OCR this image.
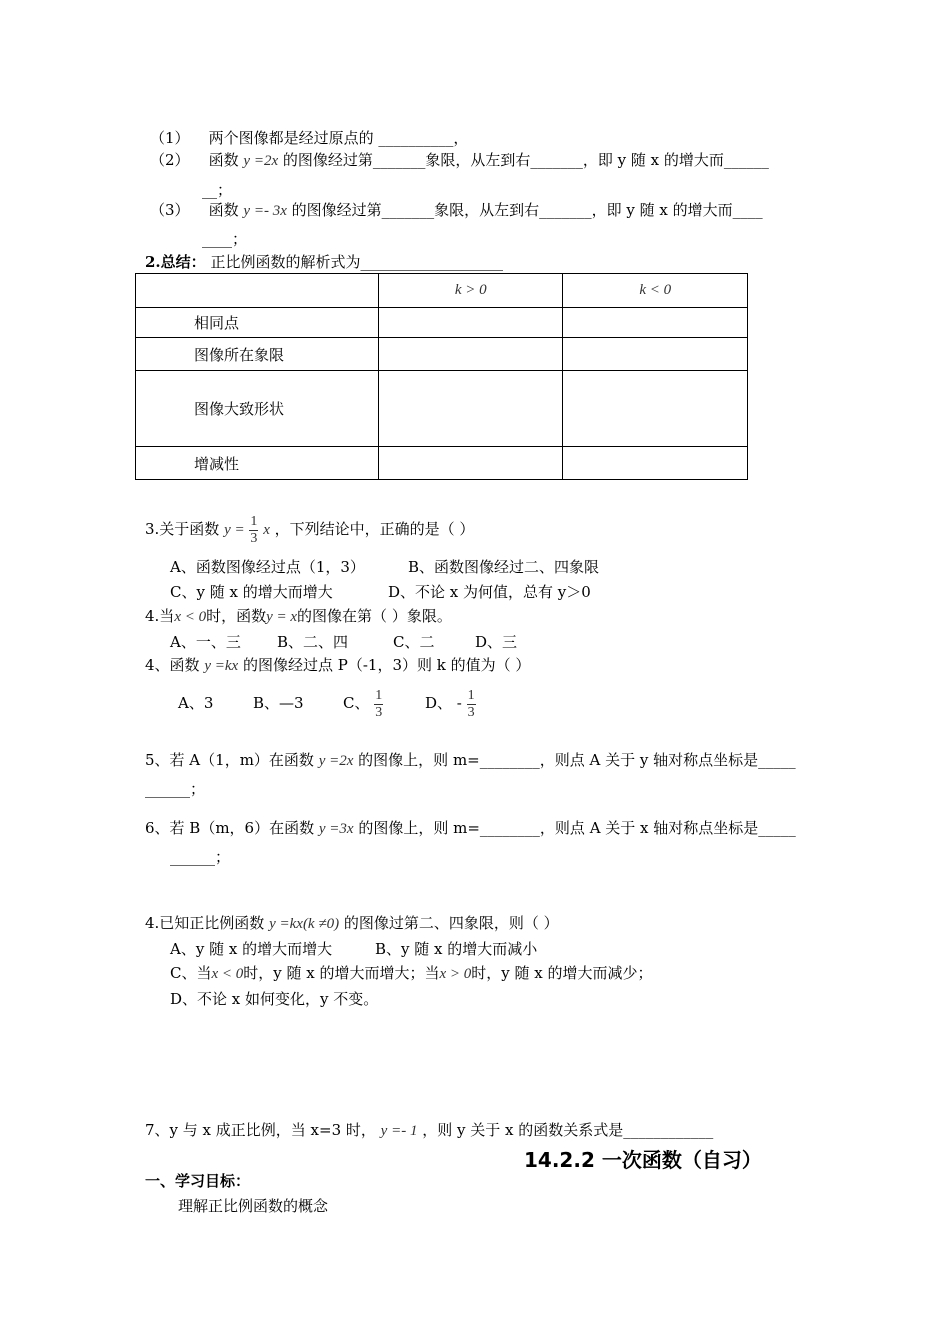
（1） 两个图像都是经过原点的 __________，
（2） 函数 y =2x 的图像经过第_______象限，从左到右_______，即 y 随 x 的增大而______
__；
（3） 函数 y =- 3x 的图像经过第_______象限，从左到右_______，即 y 随 x 的增大而____
____；
2.总结： 正比例函数的解析式为___________________
	k > 0	k < 0
相同点		
图像所在象限		
图像大致形状		
增减性		
3.关于函数 $y = \frac{1}{3}$ x ，下列结论中，正确的是（ ）
A、函数图像经过点（1，3）	B、函数图像经过二、四象限
C、y 随 x 的增大而增大	D、不论 x 为何值，总有 y＞0
4.当x < 0时，函数y = x的图像在第（ ）象限。
A、一、三 B、二、四	C、二	D、三
4、函数 y =kx 的图像经过点 P（-1，3）则 k 的值为（ ）
A、3	B、—3	C、 $\frac{1}{3}$	D、 - $\frac{1}{3}$
5、若 A（1，m）在函数 y =2x 的图像上，则 m=________，则点 A 关于 y 轴对称点坐标是_____
______；
6、若 B（m，6）在函数 y =3x 的图像上，则 m=________，则点 A 关于 x 轴对称点坐标是_____
______；
4.已知正比例函数 y =kx(k ≠0) 的图像过第二、四象限，则（ ）
A、y 随 x 的增大而增大	B、y 随 x 的增大而减小
C、当x < 0时，y 随 x 的增大而增大；当x > 0时，y 随 x 的增大而减少；
D、不论 x 如何变化，y 不变。
7、y 与 x 成正比例，当 x=3 时， y =- 1 ，则 y 关于 x 的函数关系式是____________
14.2.2 一次函数（自习）
一、学习目标：
理解正比例函数的概念
